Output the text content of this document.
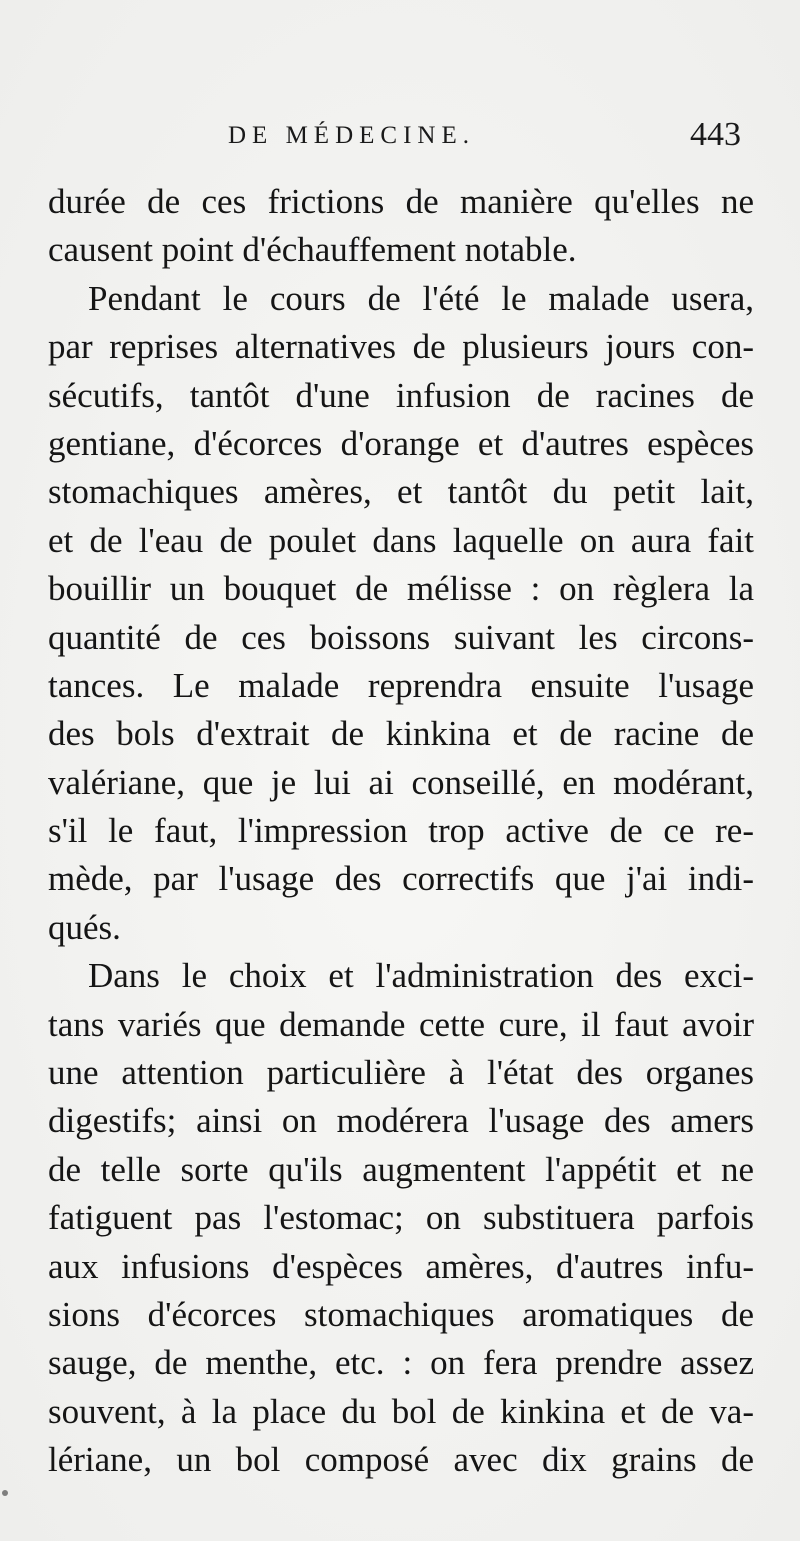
DE MÉDECINE.	443
durée de ces frictions de manière qu'elles ne
causent point d'échauffement notable.
Pendant le cours de l'été le malade usera,
par reprises alternatives de plusieurs jours con-
sécutifs, tantôt d'une infusion de racines de
gentiane, d'écorces d'orange et d'autres espèces
stomachiques amères, et tantôt du petit lait,
et de l'eau de poulet dans laquelle on aura fait
bouillir un bouquet de mélisse : on règlera la
quantité de ces boissons suivant les circons-
tances. Le malade reprendra ensuite l'usage
des bols d'extrait de kinkina et de racine de
valériane, que je lui ai conseillé, en modérant,
s'il le faut, l'impression trop active de ce re-
mède, par l'usage des correctifs que j'ai indi-
qués.
Dans le choix et l'administration des exci-
tans variés que demande cette cure, il faut avoir
une attention particulière à l'état des organes
digestifs; ainsi on modérera l'usage des amers
de telle sorte qu'ils augmentent l'appétit et ne
fatiguent pas l'estomac; on substituera parfois
aux infusions d'espèces amères, d'autres infu-
sions d'écorces stomachiques aromatiques de
sauge, de menthe, etc. : on fera prendre assez
souvent, à la place du bol de kinkina et de va-
lériane, un bol composé avec dix grains de
